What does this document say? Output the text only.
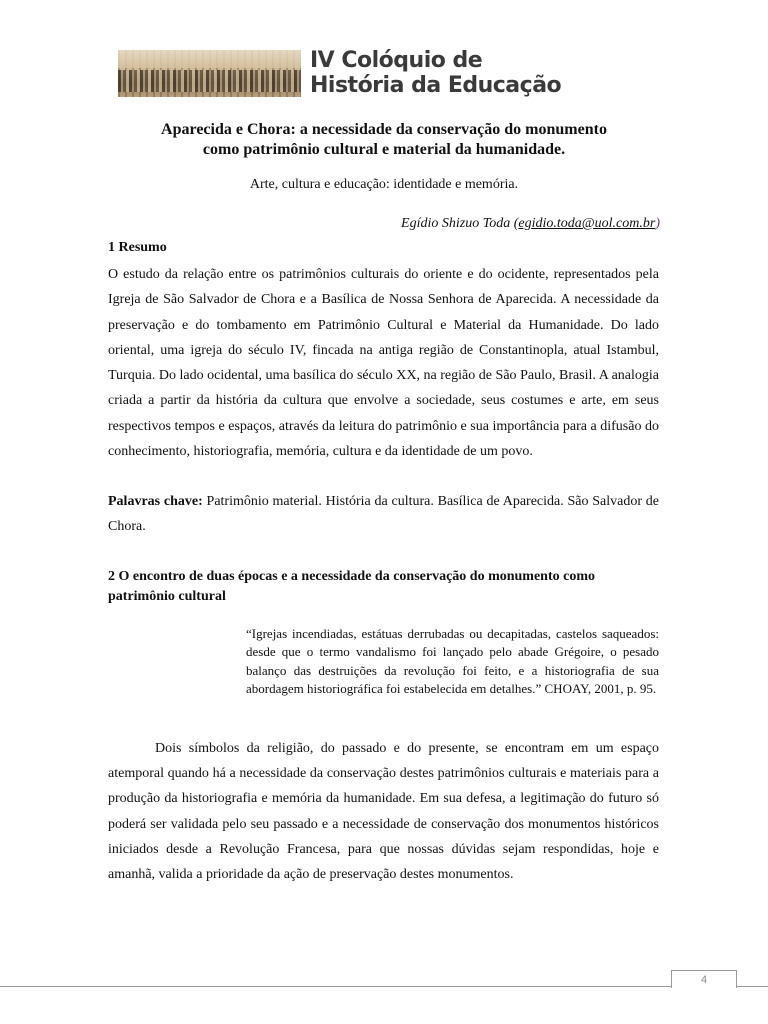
IV Colóquio de
História da Educação
Aparecida e Chora: a necessidade da conservação do monumento
como patrimônio cultural e material da humanidade.
Arte, cultura e educação: identidade e memória.
Egídio Shizuo Toda (egidio.toda@uol.com.br)
1 Resumo
O estudo da relação entre os patrimônios culturais do oriente e do ocidente, representados pela Igreja de São Salvador de Chora e a Basílica de Nossa Senhora de Aparecida. A necessidade da preservação e do tombamento em Patrimônio Cultural e Material da Humanidade. Do lado oriental, uma igreja do século IV, fincada na antiga região de Constantinopla, atual Istambul, Turquia. Do lado ocidental, uma basílica do século XX, na região de São Paulo, Brasil. A analogia criada a partir da história da cultura que envolve a sociedade, seus costumes e arte, em seus respectivos tempos e espaços, através da leitura do patrimônio e sua importância para a difusão do conhecimento, historiografia, memória, cultura e da identidade de um povo.
Palavras chave: Patrimônio material. História da cultura. Basílica de Aparecida. São Salvador de Chora.
2 O encontro de duas épocas e a necessidade da conservação do monumento como patrimônio cultural
“Igrejas incendiadas, estátuas derrubadas ou decapitadas, castelos saqueados: desde que o termo vandalismo foi lançado pelo abade Grégoire, o pesado balanço das destruições da revolução foi feito, e a historiografia de sua abordagem historiográfica foi estabelecida em detalhes.” CHOAY, 2001, p. 95.
Dois símbolos da religião, do passado e do presente, se encontram em um espaço atemporal quando há a necessidade da conservação destes patrimônios culturais e materiais para a produção da historiografia e memória da humanidade. Em sua defesa, a legitimação do futuro só poderá ser validada pelo seu passado e a necessidade de conservação dos monumentos históricos iniciados desde a Revolução Francesa, para que nossas dúvidas sejam respondidas, hoje e amanhã, valida a prioridade da ação de preservação destes monumentos.
4
